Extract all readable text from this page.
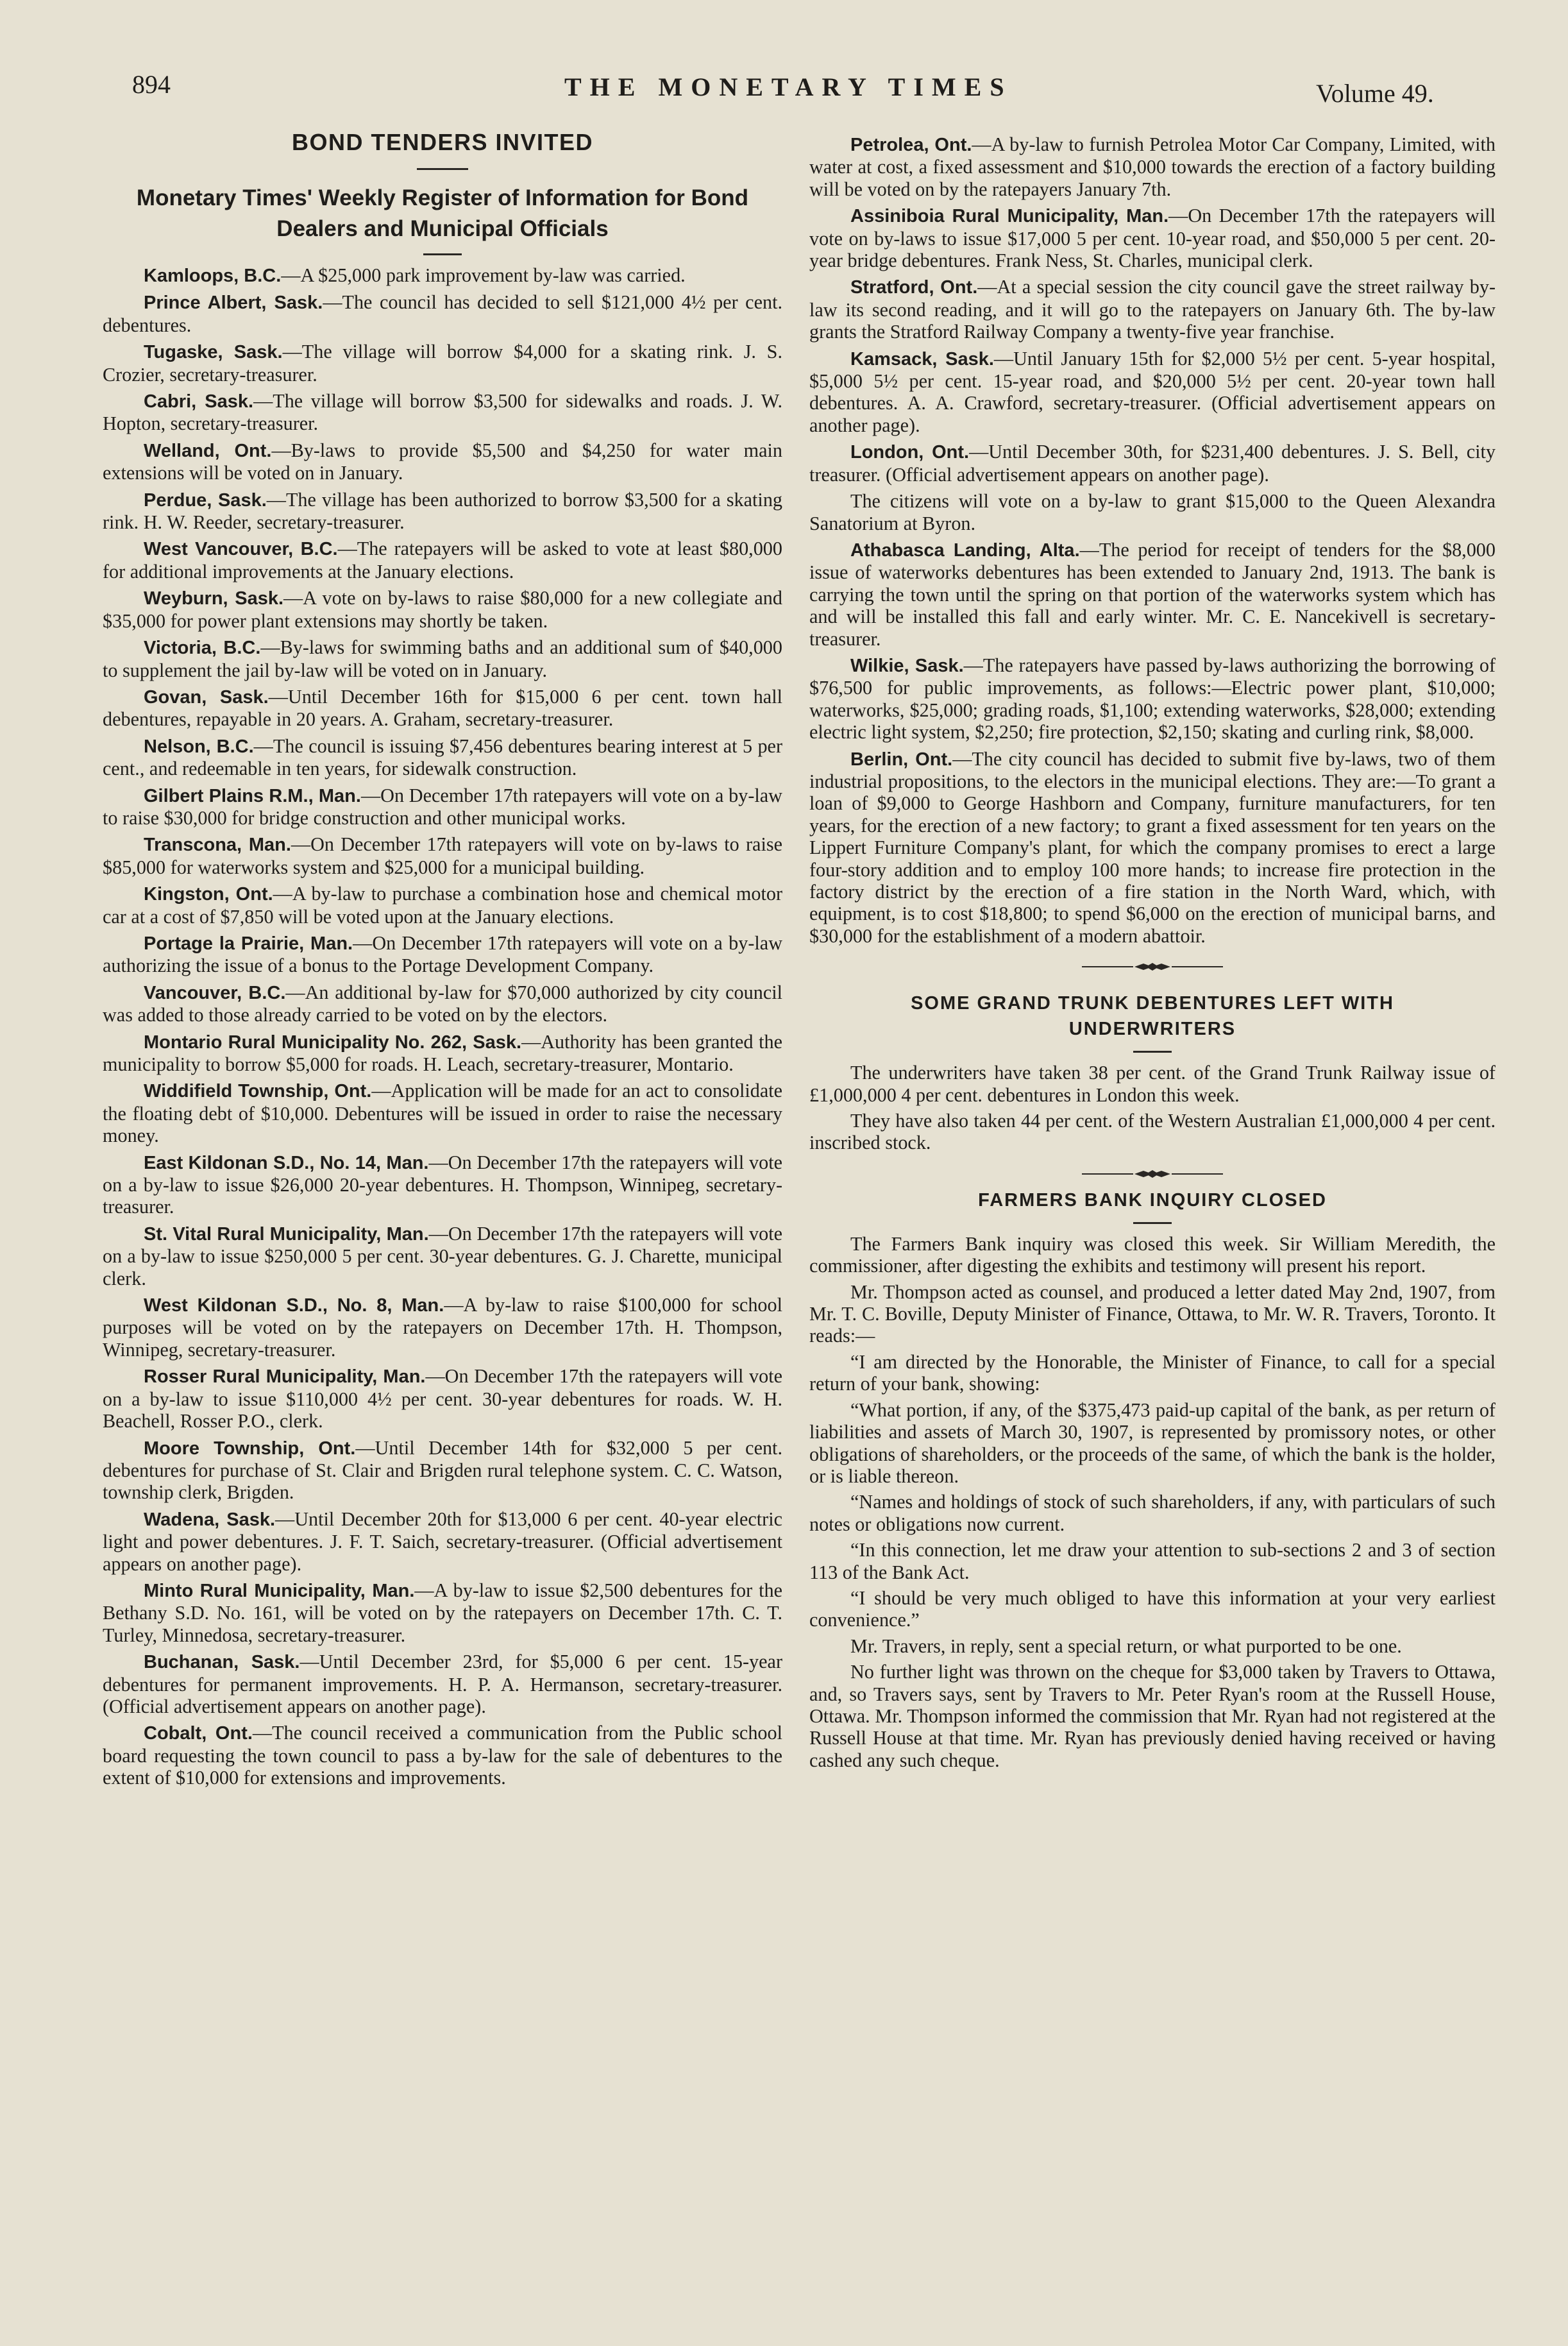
894	THE MONETARY TIMES	Volume 49.
BOND TENDERS INVITED
Monetary Times' Weekly Register of Information for Bond Dealers and Municipal Officials
Kamloops, B.C.—A $25,000 park improvement by-law was carried.
Prince Albert, Sask.—The council has decided to sell $121,000 4½ per cent. debentures.
Tugaske, Sask.—The village will borrow $4,000 for a skating rink. J. S. Crozier, secretary-treasurer.
Cabri, Sask.—The village will borrow $3,500 for sidewalks and roads. J. W. Hopton, secretary-treasurer.
Welland, Ont.—By-laws to provide $5,500 and $4,250 for water main extensions will be voted on in January.
Perdue, Sask.—The village has been authorized to borrow $3,500 for a skating rink. H. W. Reeder, secretary-treasurer.
West Vancouver, B.C.—The ratepayers will be asked to vote at least $80,000 for additional improvements at the January elections.
Weyburn, Sask.—A vote on by-laws to raise $80,000 for a new collegiate and $35,000 for power plant extensions may shortly be taken.
Victoria, B.C.—By-laws for swimming baths and an additional sum of $40,000 to supplement the jail by-law will be voted on in January.
Govan, Sask.—Until December 16th for $15,000 6 per cent. town hall debentures, repayable in 20 years. A. Graham, secretary-treasurer.
Nelson, B.C.—The council is issuing $7,456 debentures bearing interest at 5 per cent., and redeemable in ten years, for sidewalk construction.
Gilbert Plains R.M., Man.—On December 17th ratepayers will vote on a by-law to raise $30,000 for bridge construction and other municipal works.
Transcona, Man.—On December 17th ratepayers will vote on by-laws to raise $85,000 for waterworks system and $25,000 for a municipal building.
Kingston, Ont.—A by-law to purchase a combination hose and chemical motor car at a cost of $7,850 will be voted upon at the January elections.
Portage la Prairie, Man.—On December 17th ratepayers will vote on a by-law authorizing the issue of a bonus to the Portage Development Company.
Vancouver, B.C.—An additional by-law for $70,000 authorized by city council was added to those already carried to be voted on by the electors.
Montario Rural Municipality No. 262, Sask.—Authority has been granted the municipality to borrow $5,000 for roads. H. Leach, secretary-treasurer, Montario.
Widdifield Township, Ont.—Application will be made for an act to consolidate the floating debt of $10,000. Debentures will be issued in order to raise the necessary money.
East Kildonan S.D., No. 14, Man.—On December 17th the ratepayers will vote on a by-law to issue $26,000 20-year debentures. H. Thompson, Winnipeg, secretary-treasurer.
St. Vital Rural Municipality, Man.—On December 17th the ratepayers will vote on a by-law to issue $250,000 5 per cent. 30-year debentures. G. J. Charette, municipal clerk.
West Kildonan S.D., No. 8, Man.—A by-law to raise $100,000 for school purposes will be voted on by the ratepayers on December 17th. H. Thompson, Winnipeg, secretary-treasurer.
Rosser Rural Municipality, Man.—On December 17th the ratepayers will vote on a by-law to issue $110,000 4½ per cent. 30-year debentures for roads. W. H. Beachell, Rosser P.O., clerk.
Moore Township, Ont.—Until December 14th for $32,000 5 per cent. debentures for purchase of St. Clair and Brigden rural telephone system. C. C. Watson, township clerk, Brigden.
Wadena, Sask.—Until December 20th for $13,000 6 per cent. 40-year electric light and power debentures. J. F. T. Saich, secretary-treasurer. (Official advertisement appears on another page).
Minto Rural Municipality, Man.—A by-law to issue $2,500 debentures for the Bethany S.D. No. 161, will be voted on by the ratepayers on December 17th. C. T. Turley, Minnedosa, secretary-treasurer.
Buchanan, Sask.—Until December 23rd, for $5,000 6 per cent. 15-year debentures for permanent improvements. H. P. A. Hermanson, secretary-treasurer. (Official advertisement appears on another page).
Cobalt, Ont.—The council received a communication from the Public school board requesting the town council to pass a by-law for the sale of debentures to the extent of $10,000 for extensions and improvements.
Petrolea, Ont.—A by-law to furnish Petrolea Motor Car Company, Limited, with water at cost, a fixed assessment and $10,000 towards the erection of a factory building will be voted on by the ratepayers January 7th.
Assiniboia Rural Municipality, Man.—On December 17th the ratepayers will vote on by-laws to issue $17,000 5 per cent. 10-year road, and $50,000 5 per cent. 20-year bridge debentures. Frank Ness, St. Charles, municipal clerk.
Stratford, Ont.—At a special session the city council gave the street railway by-law its second reading, and it will go to the ratepayers on January 6th. The by-law grants the Stratford Railway Company a twenty-five year franchise.
Kamsack, Sask.—Until January 15th for $2,000 5½ per cent. 5-year hospital, $5,000 5½ per cent. 15-year road, and $20,000 5½ per cent. 20-year town hall debentures. A. A. Crawford, secretary-treasurer. (Official advertisement appears on another page).
London, Ont.—Until December 30th, for $231,400 debentures. J. S. Bell, city treasurer. (Official advertisement appears on another page).
The citizens will vote on a by-law to grant $15,000 to the Queen Alexandra Sanatorium at Byron.
Athabasca Landing, Alta.—The period for receipt of tenders for the $8,000 issue of waterworks debentures has been extended to January 2nd, 1913. The bank is carrying the town until the spring on that portion of the waterworks system which has and will be installed this fall and early winter. Mr. C. E. Nancekivell is secretary-treasurer.
Wilkie, Sask.—The ratepayers have passed by-laws authorizing the borrowing of $76,500 for public improvements, as follows:—Electric power plant, $10,000; waterworks, $25,000; grading roads, $1,100; extending waterworks, $28,000; extending electric light system, $2,250; fire protection, $2,150; skating and curling rink, $8,000.
Berlin, Ont.—The city council has decided to submit five by-laws, two of them industrial propositions, to the electors in the municipal elections. They are:—To grant a loan of $9,000 to George Hashborn and Company, furniture manufacturers, for ten years, for the erection of a new factory; to grant a fixed assessment for ten years on the Lippert Furniture Company's plant, for which the company promises to erect a large four-story addition and to employ 100 more hands; to increase fire protection in the factory district by the erection of a fire station in the North Ward, which, with equipment, is to cost $18,800; to spend $6,000 on the erection of municipal barns, and $30,000 for the establishment of a modern abattoir.
SOME GRAND TRUNK DEBENTURES LEFT WITH UNDERWRITERS
The underwriters have taken 38 per cent. of the Grand Trunk Railway issue of £1,000,000 4 per cent. debentures in London this week.
They have also taken 44 per cent. of the Western Australian £1,000,000 4 per cent. inscribed stock.
FARMERS BANK INQUIRY CLOSED
The Farmers Bank inquiry was closed this week. Sir William Meredith, the commissioner, after digesting the exhibits and testimony will present his report.
Mr. Thompson acted as counsel, and produced a letter dated May 2nd, 1907, from Mr. T. C. Boville, Deputy Minister of Finance, Ottawa, to Mr. W. R. Travers, Toronto. It reads:—
“I am directed by the Honorable, the Minister of Finance, to call for a special return of your bank, showing:
“What portion, if any, of the $375,473 paid-up capital of the bank, as per return of liabilities and assets of March 30, 1907, is represented by promissory notes, or other obligations of shareholders, or the proceeds of the same, of which the bank is the holder, or is liable thereon.
“Names and holdings of stock of such shareholders, if any, with particulars of such notes or obligations now current.
“In this connection, let me draw your attention to sub-sections 2 and 3 of section 113 of the Bank Act.
“I should be very much obliged to have this information at your very earliest convenience.”
Mr. Travers, in reply, sent a special return, or what purported to be one.
No further light was thrown on the cheque for $3,000 taken by Travers to Ottawa, and, so Travers says, sent by Travers to Mr. Peter Ryan's room at the Russell House, Ottawa. Mr. Thompson informed the commission that Mr. Ryan had not registered at the Russell House at that time. Mr. Ryan has previously denied having received or having cashed any such cheque.
